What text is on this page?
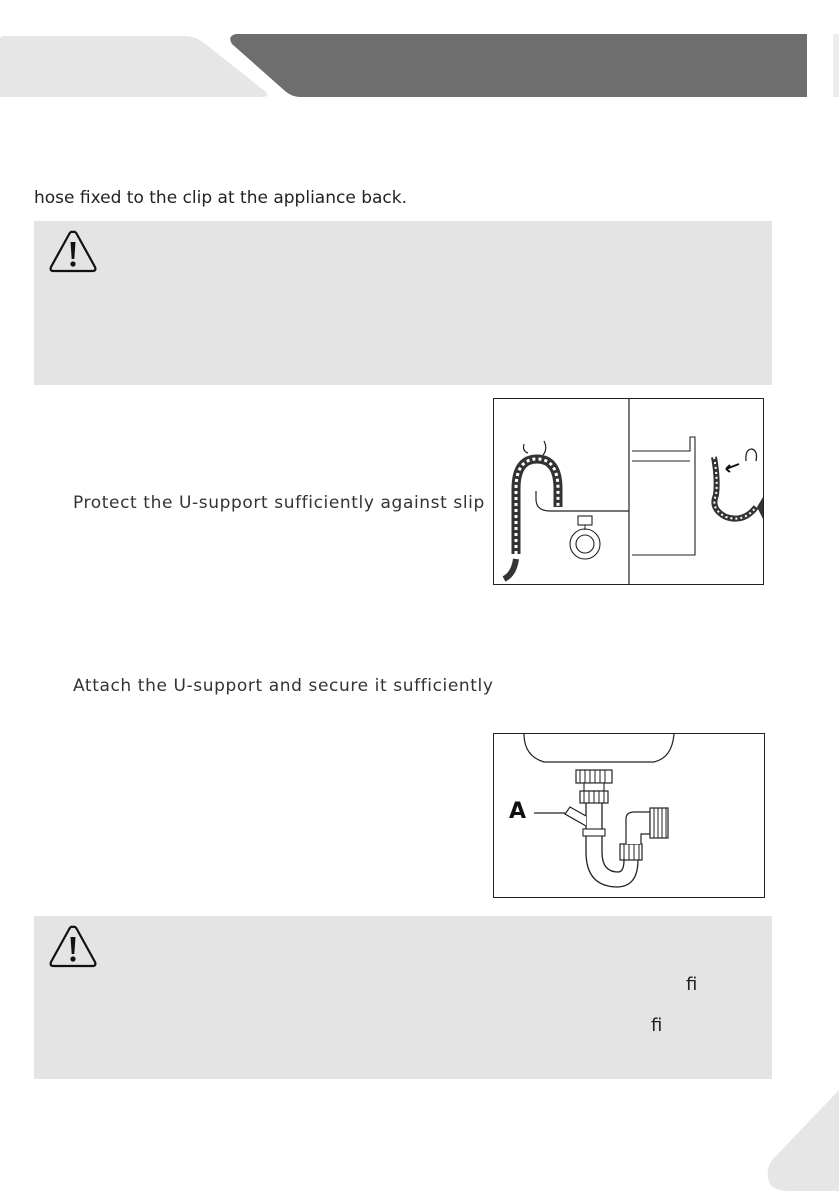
hose fixed to the clip at the appliance back.
Protect the U-support sufficiently against slip
Attach the U-support and secure it sufficiently
A
fi
fi
